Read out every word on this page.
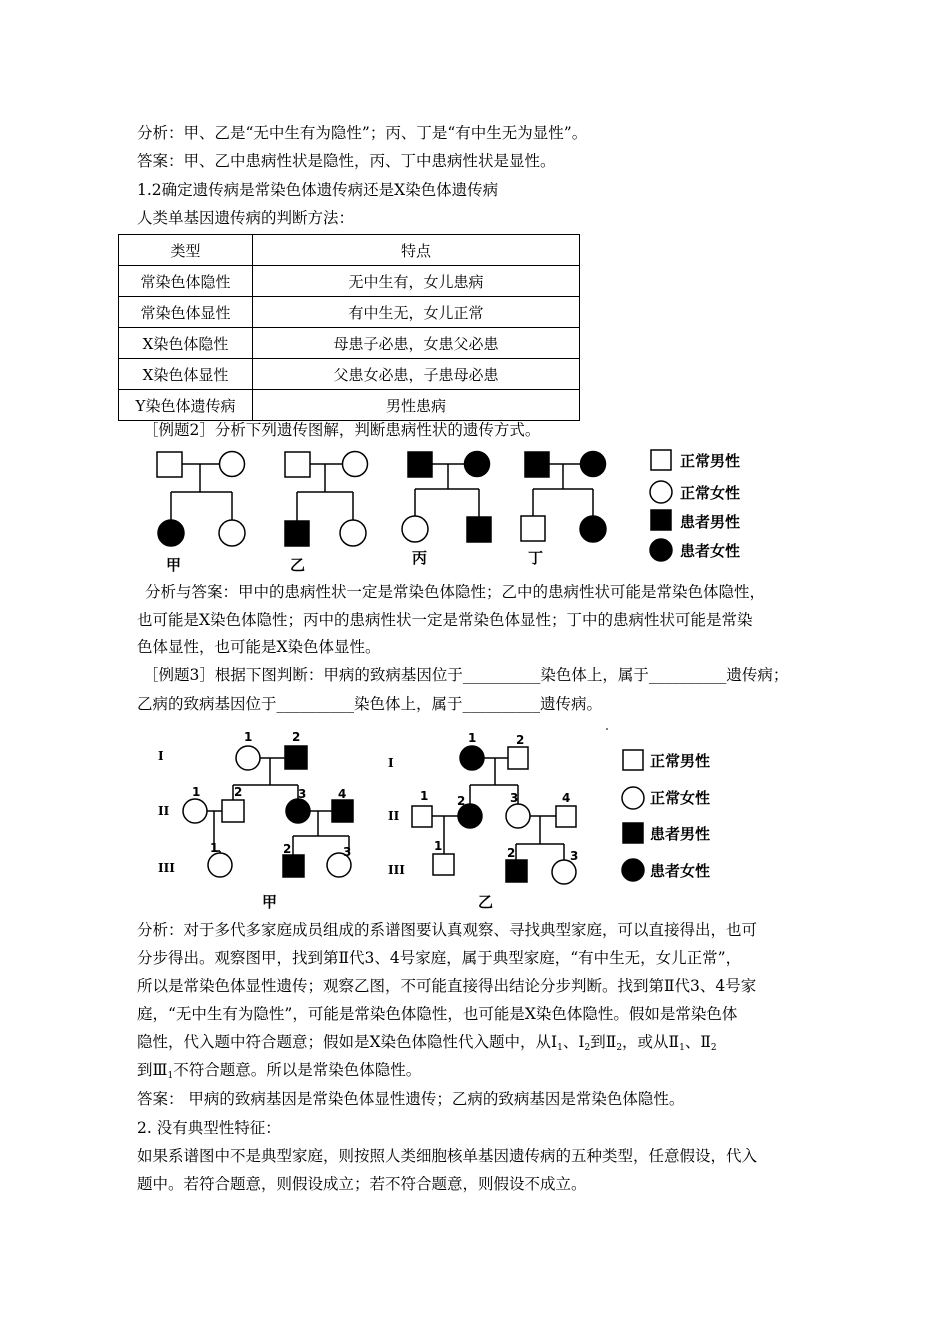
分析：甲、乙是“无中生有为隐性”；丙、丁是“有中生无为显性”。
答案：甲、乙中患病性状是隐性，丙、丁中患病性状是显性。
1.2确定遗传病是常染色体遗传病还是X染色体遗传病
人类单基因遗传病的判断方法：
类型	特点
常染色体隐性	无中生有，女儿患病
常染色体显性	有中生无，女儿正常
X染色体隐性	母患子必患，女患父必患
X染色体显性	父患女必患，子患母必患
Y染色体遗传病	男性患病
［例题2］分析下列遗传图解，判断患病性状的遗传方式。
甲	乙	丙	丁
正常男性
正常女性
患者男性
患者女性
分析与答案：甲中的患病性状一定是常染色体隐性；乙中的患病性状可能是常染色体隐性，
也可能是X染色体隐性；丙中的患病性状一定是常染色体显性；丁中的患病性状可能是常染
色体显性，也可能是X染色体显性。
［例题3］根据下图判断：甲病的致病基因位于__________染色体上，属于__________遗传病；
乙病的致病基因位于__________染色体上，属于__________遗传病。
I
II
III
I
II
III
1	2
1	2	3	4
1	2	3
1	2
1 2	3	4
1	2	3
甲	乙
正常男性
正常女性
患者男性
患者女性
分析：对于多代多家庭成员组成的系谱图要认真观察、寻找典型家庭，可以直接得出，也可
分步得出。观察图甲，找到第Ⅱ代3、4号家庭，属于典型家庭，“有中生无，女儿正常”，
所以是常染色体显性遗传；观察乙图，不可能直接得出结论分步判断。找到第Ⅱ代3、4号家
庭，“无中生有为隐性”，可能是常染色体隐性，也可能是X染色体隐性。假如是常染色体
隐性，代入题中符合题意；假如是X染色体隐性代入题中，从$Ⅰ_1$、$Ⅰ_2$到$Ⅱ_2$，或从$Ⅱ_1$、$Ⅱ_2$
到$Ⅲ_1$不符合题意。所以是常染色体隐性。
答案： 甲病的致病基因是常染色体显性遗传；乙病的致病基因是常染色体隐性。
2. 没有典型性特征：
如果系谱图中不是典型家庭，则按照人类细胞核单基因遗传病的五种类型，任意假设，代入
题中。若符合题意，则假设成立；若不符合题意，则假设不成立。
